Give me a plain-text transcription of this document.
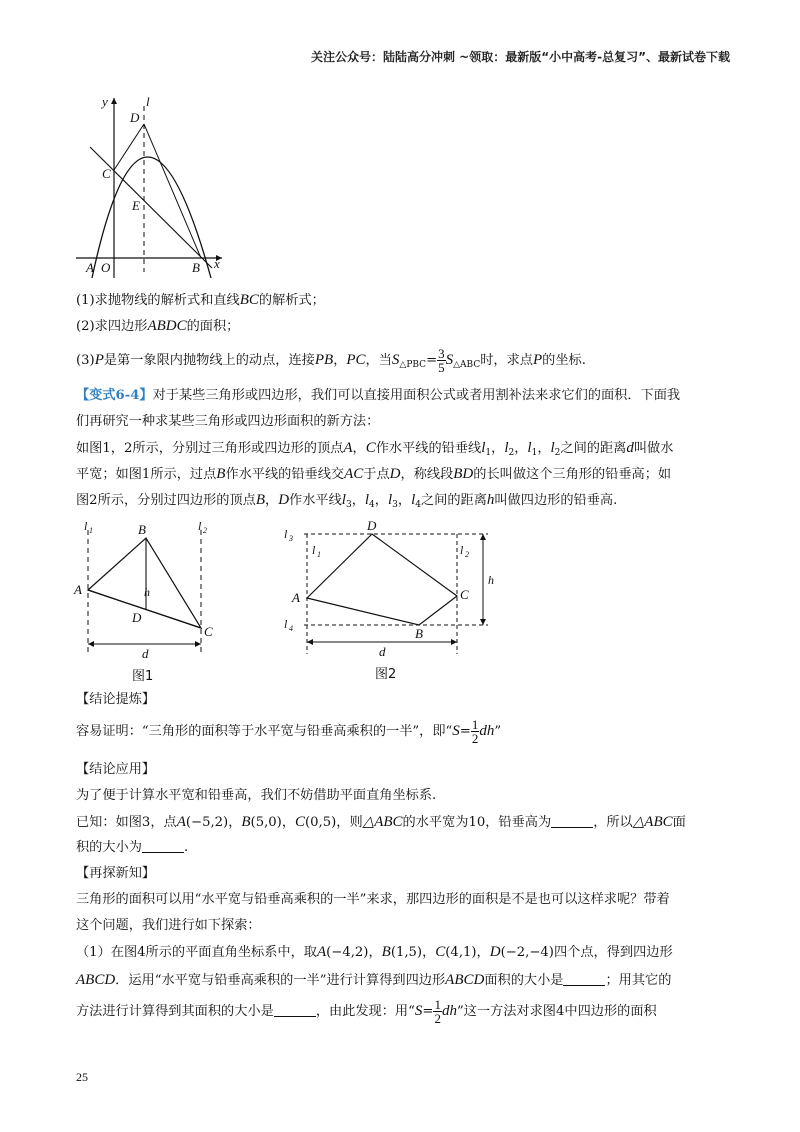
关注公众号：陆陆高分冲刺 ~领取：最新版“小中高考-总复习”、最新试卷下载
y	l
D
C
E
A O	B x
(1)求抛物线的解析式和直线BC的解析式；
(2)求四边形ABDC的面积；
(3)P是第一象限内抛物线上的动点，连接PB，PC，当$S_{\triangle PBC}= \frac{3}{5} S_{\triangle ABC}$时，求点P的坐标.
【变式6-4】对于某些三角形或四边形，我们可以直接用面积公式或者用割补法来求它们的面积．下面我
们再研究一种求某些三角形或四边形面积的新方法：
如图1，2所示，分别过三角形或四边形的顶点A，C作水平线的铅垂线$l_1$，$l_2$，$l_1$，$l_2$之间的距离d叫做水
平宽；如图1所示，过点B作水平线的铅垂线交AC于点D，称线段BD的长叫做这个三角形的铅垂高；如
图2所示，分别过四边形的顶点B，D作水平线$l_3$，$l_4$，$l_3$，$l_4$之间的距离h叫做四边形的铅垂高.
l 1	l 2
A
B
C
D
h
d
图1
l 3
l 1	l 2
l 4
A
B
C
D
h
d
图2
【结论提炼】
容易证明：“三角形的面积等于水平宽与铅垂高乘积的一半”，即“$S= \frac{1}{2}$ dh”
【结论应用】
为了便于计算水平宽和铅垂高，我们不妨借助平面直角坐标系.
已知：如图3，点A(−5,2)，B(5,0)，C(0,5)，则△ABC的水平宽为10，铅垂高为	，所以△ABC面
积的大小为	.
【再探新知】
三角形的面积可以用“水平宽与铅垂高乘积的一半”来求，那四边形的面积是不是也可以这样求呢？带着
这个问题，我们进行如下探索：
（1）在图4所示的平面直角坐标系中，取A(−4,2)，B(1,5)，C(4,1)，D(−2,−4)四个点，得到四边形
ABCD．运用“水平宽与铅垂高乘积的一半”进行计算得到四边形ABCD面积的大小是	；用其它的
方法进行计算得到其面积的大小是	，由此发现：用“$S= \frac{1}{2}$ dh”这一方法对求图4中四边形的面积
25
